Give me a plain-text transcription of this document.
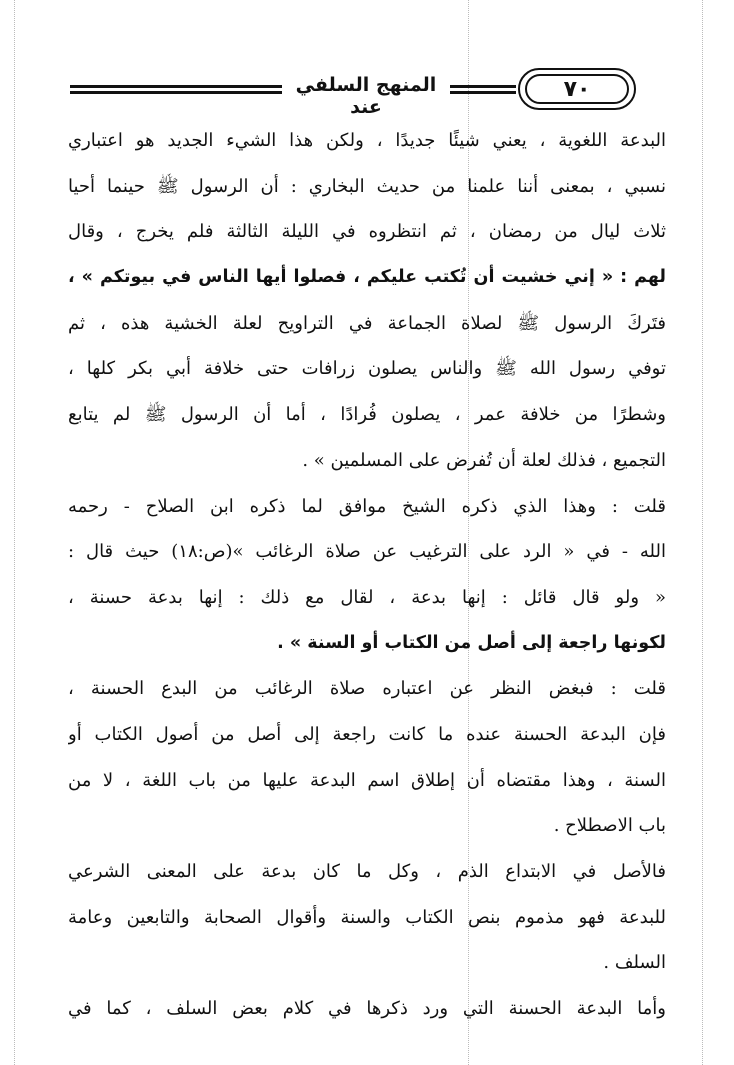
المنهج السلفي عند
٧٠
البدعة اللغوية ، يعني شيئًا جديدًا ، ولكن هذا الشيء الجديد هو اعتباري
نسبي ، بمعنى أننا علمنا من حديث البخاري : أن الرسول ﷺ حينما أحيا
ثلاث ليال من رمضان ، ثم انتظروه في الليلة الثالثة فلم يخرج ، وقال
لهم : « إني خشيت أن تُكتب عليكم ، فصلوا أيها الناس في بيوتكم » ،
فتَركَ الرسول ﷺ لصلاة الجماعة في التراويح لعلة الخشية هذه ، ثم
توفي رسول الله ﷺ والناس يصلون زرافات حتى خلافة أبي بكر كلها ،
وشطرًا من خلافة عمر ، يصلون فُرادًا ، أما أن الرسول ﷺ لم يتابع
التجميع ، فذلك لعلة أن تُفرض على المسلمين » .
قلت : وهذا الذي ذكره الشيخ موافق لما ذكره ابن الصلاح - رحمه
الله - في « الرد على الترغيب عن صلاة الرغائب »(ص:١٨) حيث قال :
« ولو قال قائل : إنها بدعة ، لقال مع ذلك : إنها بدعة حسنة ،
لكونها راجعة إلى أصل من الكتاب أو السنة » .
قلت : فبغض النظر عن اعتباره صلاة الرغائب من البدع الحسنة ،
فإن البدعة الحسنة عنده ما كانت راجعة إلى أصل من أصول الكتاب أو
السنة ، وهذا مقتضاه أن إطلاق اسم البدعة عليها من باب اللغة ، لا من
باب الاصطلاح .
فالأصل في الابتداع الذم ، وكل ما كان بدعة على المعنى الشرعي
للبدعة فهو مذموم بنص الكتاب والسنة وأقوال الصحابة والتابعين وعامة
السلف .
وأما البدعة الحسنة التي ورد ذكرها في كلام بعض السلف ، كما في
